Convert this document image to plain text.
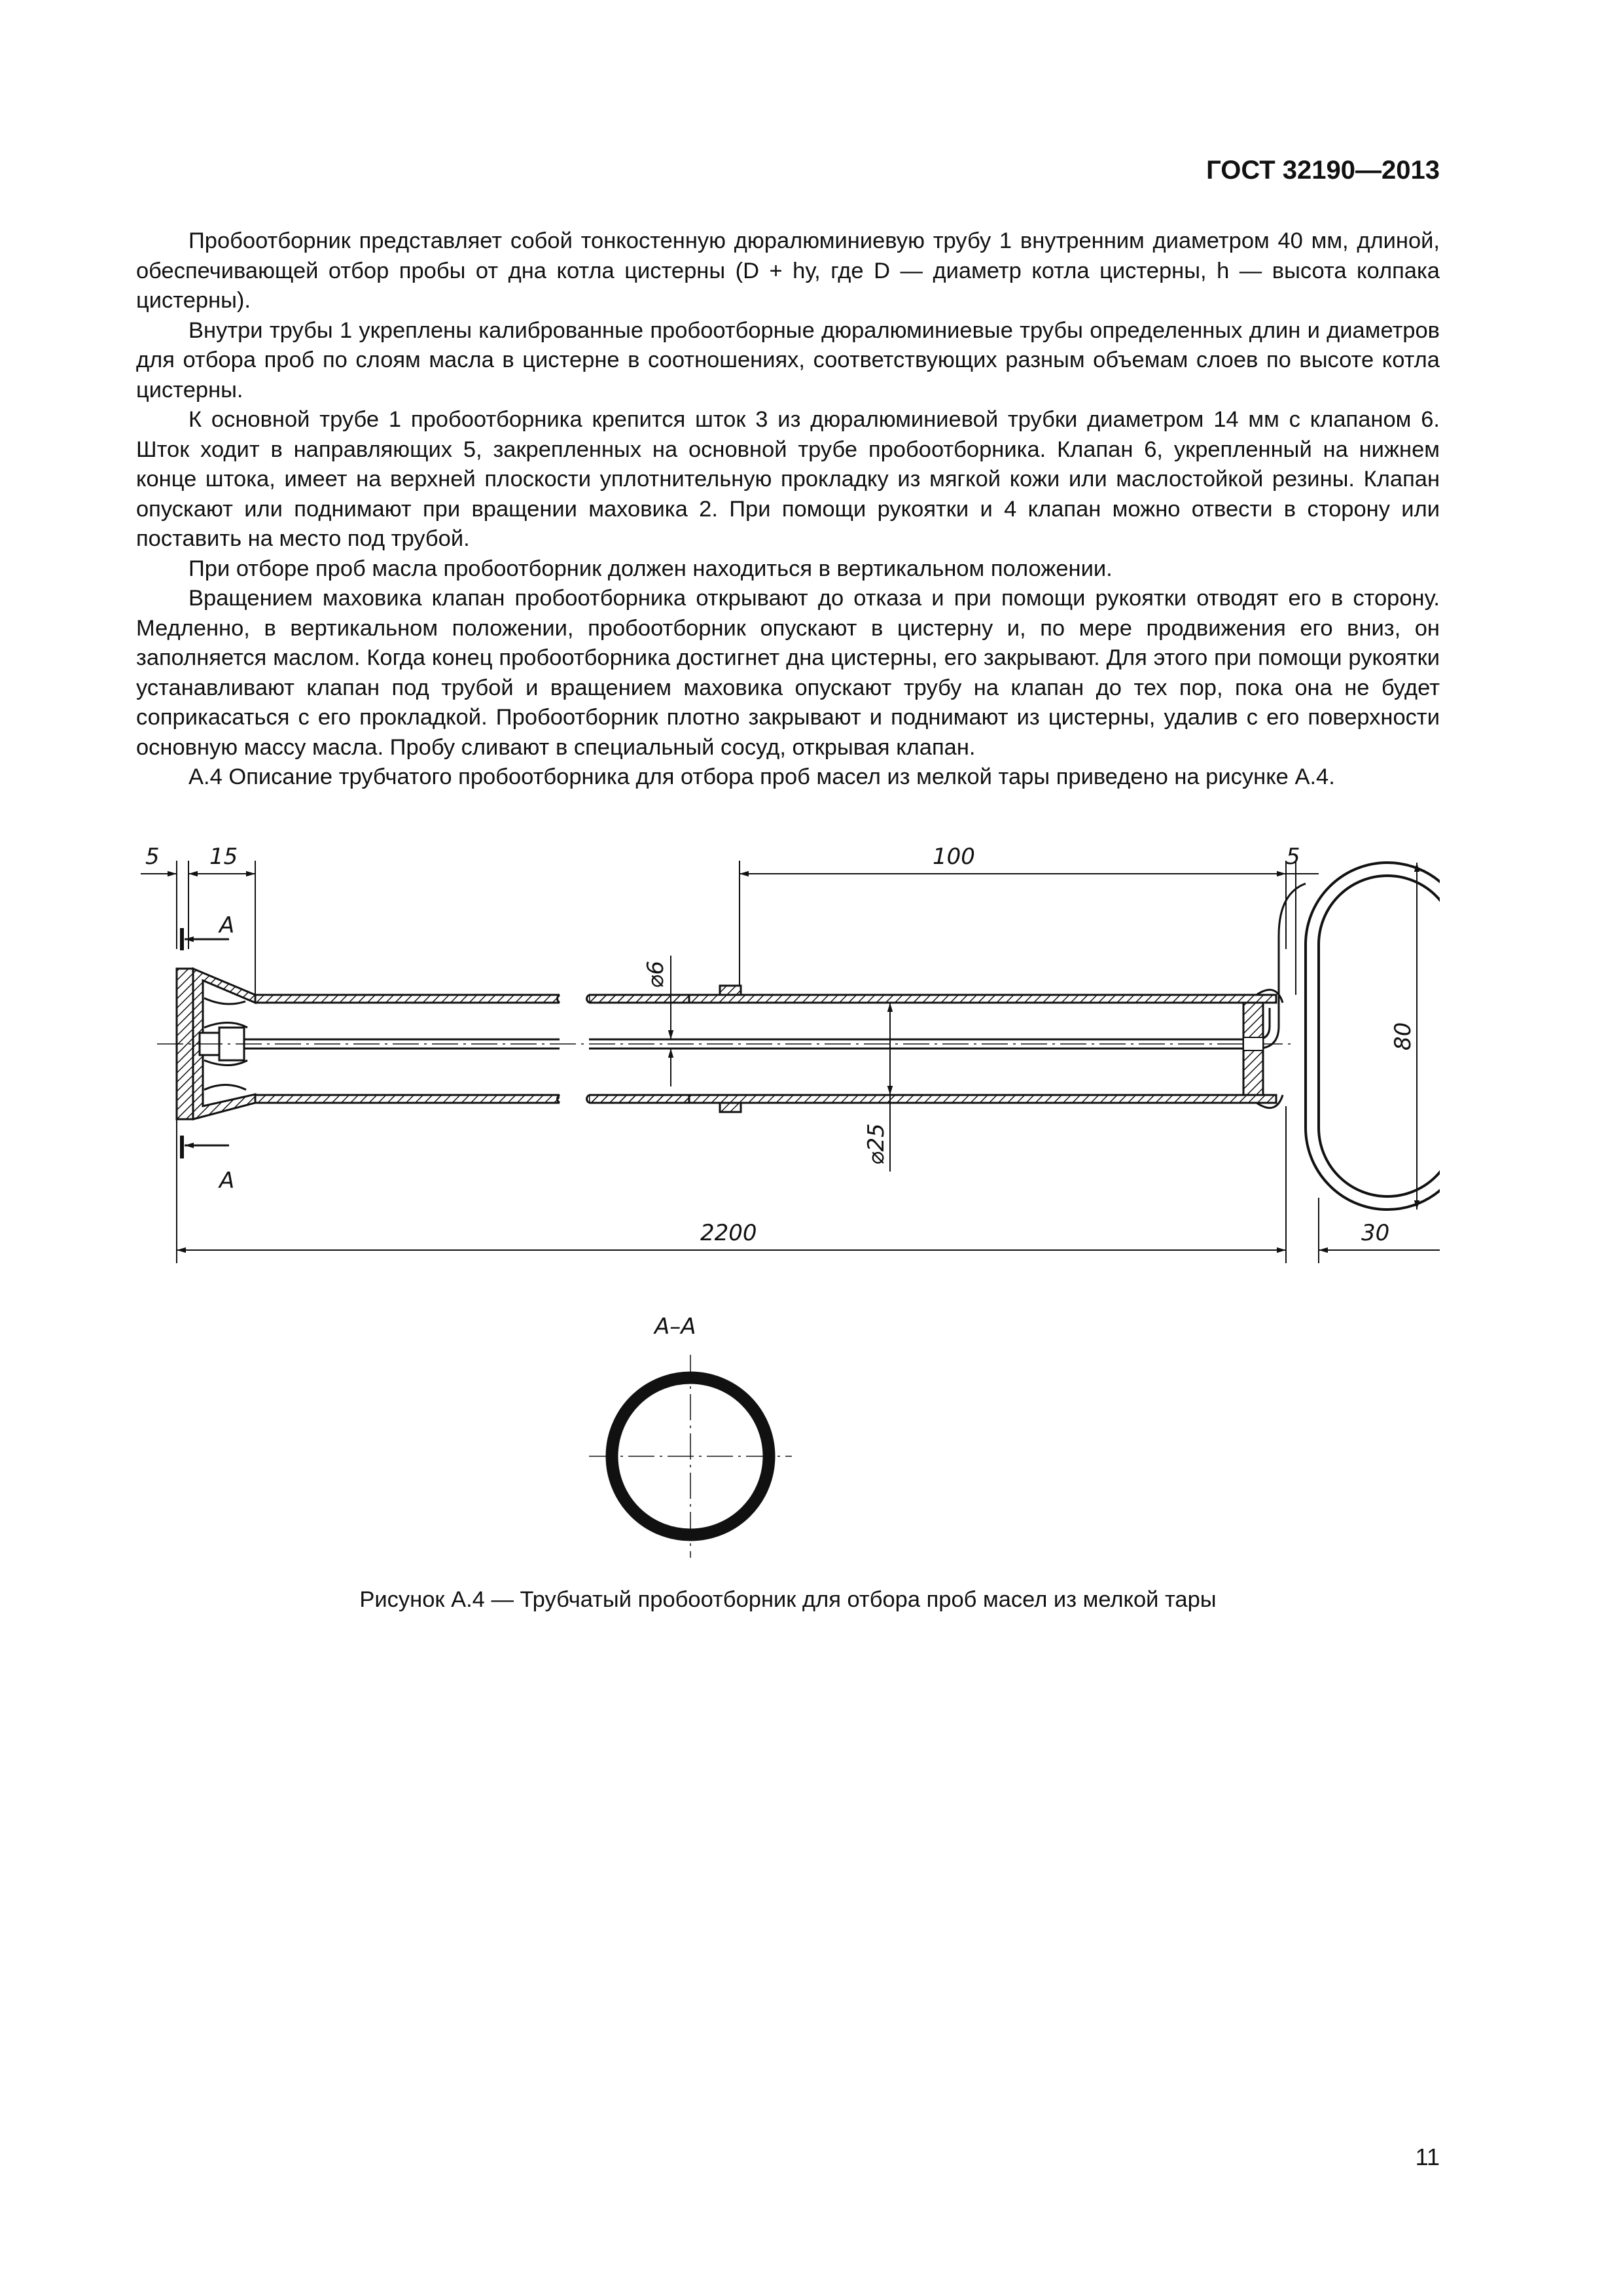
ГОСТ 32190—2013

Пробоотборник представляет собой тонкостенную дюралюминиевую трубу 1 внутренним диаметром 40 мм, длиной, обеспечивающей отбор пробы от дна котла цистерны (D + hу, где D — диаметр котла цистерны, h — высота колпака цистерны).

Внутри трубы 1 укреплены калиброванные пробоотборные дюралюминиевые трубы определенных длин и диаметров для отбора проб по слоям масла в цистерне в соотношениях, соответствующих разным объемам слоев по высоте котла цистерны.

К основной трубе 1 пробоотборника крепится шток 3 из дюралюминиевой трубки диаметром 14 мм с клапаном 6. Шток ходит в направляющих 5, закрепленных на основной трубе пробоотборника. Клапан 6, укрепленный на нижнем конце штока, имеет на верхней плоскости уплотнительную прокладку из мягкой кожи или маслостойкой резины. Клапан опускают или поднимают при вращении маховика 2. При помощи рукоятки и 4 клапан можно отвести в сторону или поставить на место под трубой.

При отборе проб масла пробоотборник должен находиться в вертикальном положении.

Вращением маховика клапан пробоотборника открывают до отказа и при помощи рукоятки отводят его в сторону. Медленно, в вертикальном положении, пробоотборник опускают в цистерну и, по мере продвижения его вниз, он заполняется маслом. Когда конец пробоотборника достигнет дна цистерны, его закрывают. Для этого при помощи рукоятки устанавливают клапан под трубой и вращением маховика опускают трубу на клапан до тех пор, пока она не будет соприкасаться с его прокладкой. Пробоотборник плотно закрывают и поднимают из цистерны, удалив с его поверхности основную массу масла. Пробу сливают в специальный сосуд, открывая клапан.

А.4 Описание трубчатого пробоотборника для отбора проб масел из мелкой тары приведено на рисунке А.4.

5 15
А
А
100	5
⌀6
⌀25
80
2200	30
А–А
Рисунок А.4 — Трубчатый пробоотборник для отбора проб масел из мелкой тары
11
